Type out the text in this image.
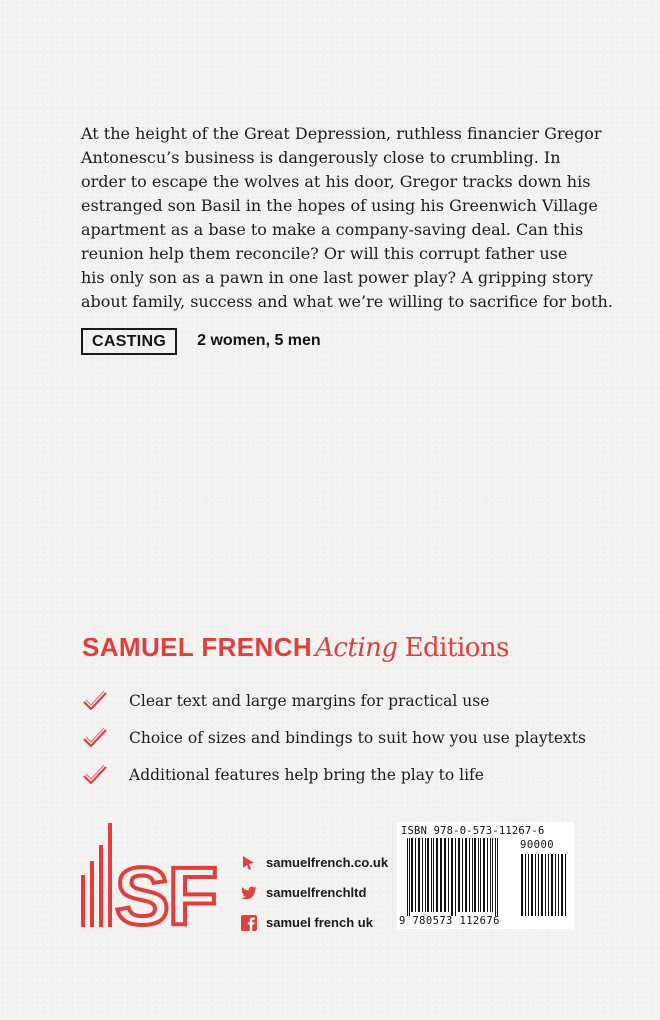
At the height of the Great Depression, ruthless financier Gregor
Antonescu’s business is dangerously close to crumbling. In
order to escape the wolves at his door, Gregor tracks down his
estranged son Basil in the hopes of using his Greenwich Village
apartment as a base to make a company-saving deal. Can this
reunion help them reconcile? Or will this corrupt father use
his only son as a pawn in one last power play? A gripping story
about family, success and what we’re willing to sacrifice for both.
CASTING	2 women, 5 men
SAMUEL FRENCH Acting Editions
Clear text and large margins for practical use
Choice of sizes and bindings to suit how you use playtexts
Additional features help bring the play to life
SF	samuelfrench.co.uk
samuelfrenchltd
samuel french uk
ISBN 978-0-573-11267-6
90000
9 780573 112676
